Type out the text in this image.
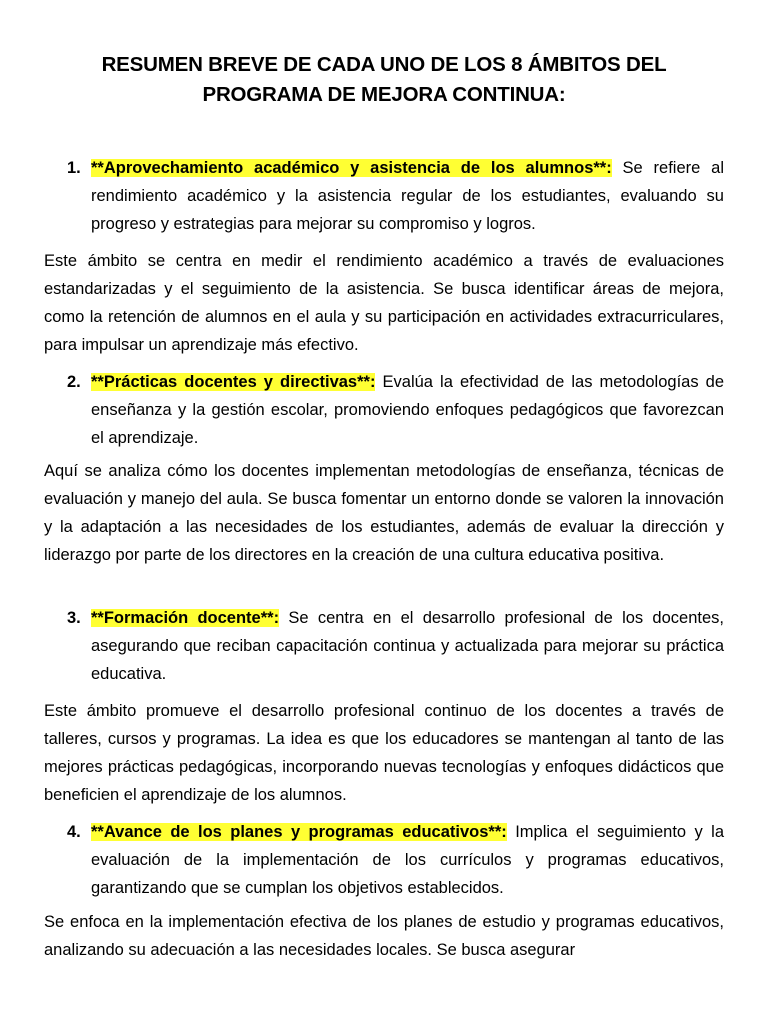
RESUMEN BREVE DE CADA UNO DE LOS 8 ÁMBITOS DEL
PROGRAMA DE MEJORA CONTINUA:
1. **Aprovechamiento académico y asistencia de los alumnos**: Se refiere al rendimiento académico y la asistencia regular de los estudiantes, evaluando su progreso y estrategias para mejorar su compromiso y logros.
Este ámbito se centra en medir el rendimiento académico a través de evaluaciones estandarizadas y el seguimiento de la asistencia. Se busca identificar áreas de mejora, como la retención de alumnos en el aula y su participación en actividades extracurriculares, para impulsar un aprendizaje más efectivo.
2. **Prácticas docentes y directivas**: Evalúa la efectividad de las metodologías de enseñanza y la gestión escolar, promoviendo enfoques pedagógicos que favorezcan el aprendizaje.
Aquí se analiza cómo los docentes implementan metodologías de enseñanza, técnicas de evaluación y manejo del aula. Se busca fomentar un entorno donde se valoren la innovación y la adaptación a las necesidades de los estudiantes, además de evaluar la dirección y liderazgo por parte de los directores en la creación de una cultura educativa positiva.
3. **Formación docente**: Se centra en el desarrollo profesional de los docentes, asegurando que reciban capacitación continua y actualizada para mejorar su práctica educativa.
Este ámbito promueve el desarrollo profesional continuo de los docentes a través de talleres, cursos y programas. La idea es que los educadores se mantengan al tanto de las mejores prácticas pedagógicas, incorporando nuevas tecnologías y enfoques didácticos que beneficien el aprendizaje de los alumnos.
4. **Avance de los planes y programas educativos**: Implica el seguimiento y la evaluación de la implementación de los currículos y programas educativos, garantizando que se cumplan los objetivos establecidos.
Se enfoca en la implementación efectiva de los planes de estudio y programas educativos, analizando su adecuación a las necesidades locales. Se busca asegurar
